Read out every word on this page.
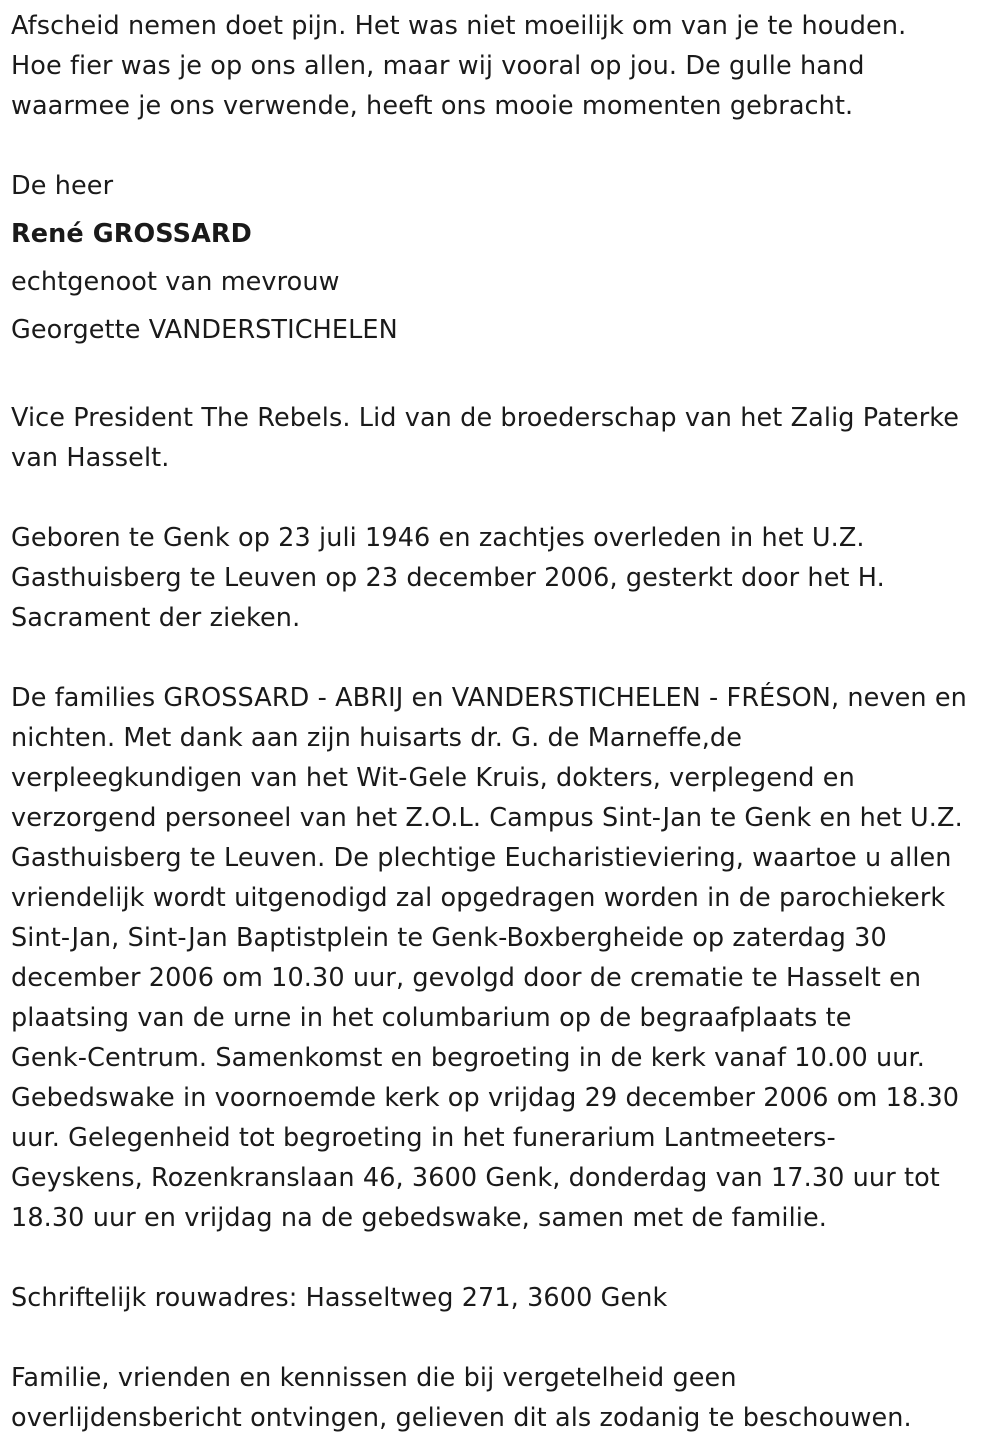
Afscheid nemen doet pijn. Het was niet moeilijk om van je te houden.
Hoe fier was je op ons allen, maar wij vooral op jou. De gulle hand
waarmee je ons verwende, heeft ons mooie momenten gebracht.

De heer
René GROSSARD
echtgenoot van mevrouw
Georgette VANDERSTICHELEN

Vice President The Rebels. Lid van de broederschap van het Zalig Paterke
van Hasselt.

Geboren te Genk op 23 juli 1946 en zachtjes overleden in het U.Z.
Gasthuisberg te Leuven op 23 december 2006, gesterkt door het H.
Sacrament der zieken.

De families GROSSARD - ABRIJ en VANDERSTICHELEN - FRÉSON, neven en
nichten. Met dank aan zijn huisarts dr. G. de Marneffe,de
verpleegkundigen van het Wit-Gele Kruis, dokters, verplegend en
verzorgend personeel van het Z.O.L. Campus Sint-Jan te Genk en het U.Z.
Gasthuisberg te Leuven. De plechtige Eucharistieviering, waartoe u allen
vriendelijk wordt uitgenodigd zal opgedragen worden in de parochiekerk
Sint-Jan, Sint-Jan Baptistplein te Genk-Boxbergheide op zaterdag 30
december 2006 om 10.30 uur, gevolgd door de crematie te Hasselt en
plaatsing van de urne in het columbarium op de begraafplaats te
Genk-Centrum. Samenkomst en begroeting in de kerk vanaf 10.00 uur.
Gebedswake in voornoemde kerk op vrijdag 29 december 2006 om 18.30
uur. Gelegenheid tot begroeting in het funerarium Lantmeeters-
Geyskens, Rozenkranslaan 46, 3600 Genk, donderdag van 17.30 uur tot
18.30 uur en vrijdag na de gebedswake, samen met de familie.

Schriftelijk rouwadres: Hasseltweg 271, 3600 Genk

Familie, vrienden en kennissen die bij vergetelheid geen
overlijdensbericht ontvingen, gelieven dit als zodanig te beschouwen.
